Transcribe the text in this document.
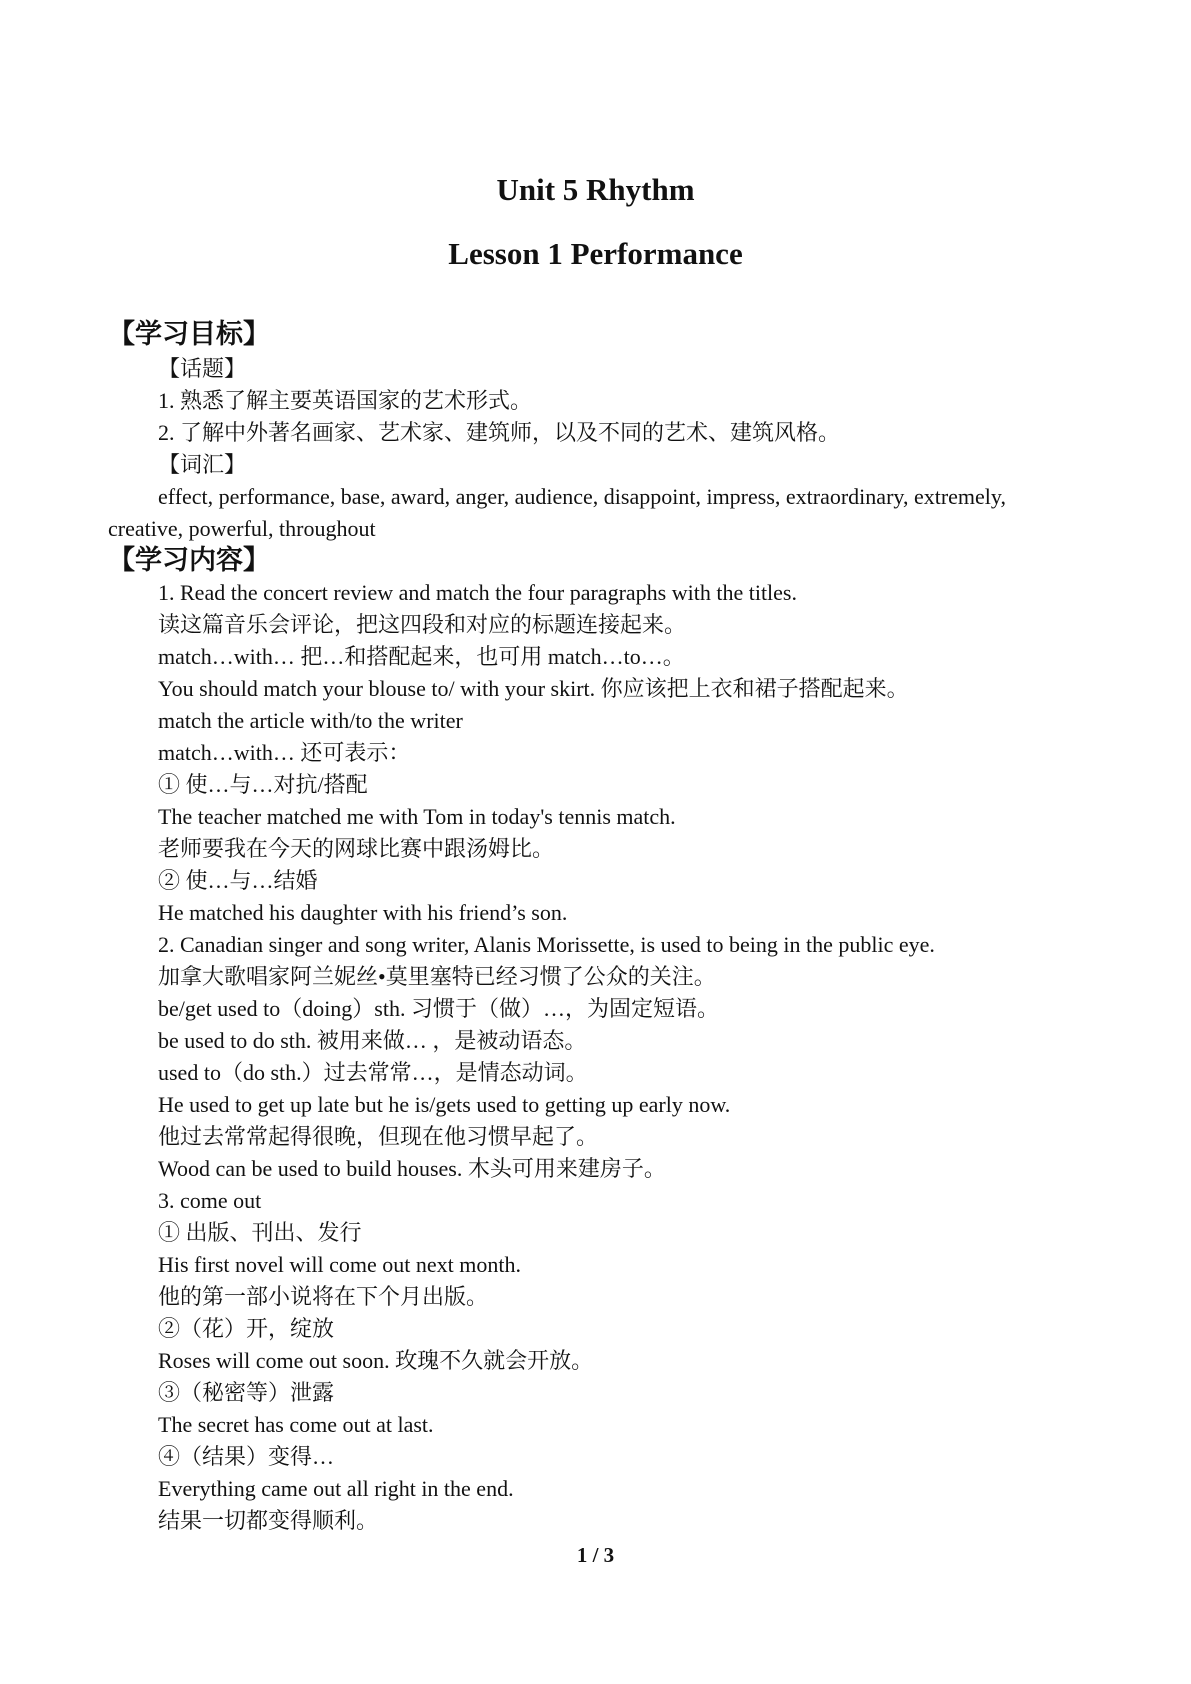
Unit 5 Rhythm
Lesson 1 Performance
【学习目标】
【话题】
1. 熟悉了解主要英语国家的艺术形式。
2. 了解中外著名画家、艺术家、建筑师，以及不同的艺术、建筑风格。
【词汇】
effect, performance, base, award, anger, audience, disappoint, impress, extraordinary, extremely,
creative, powerful, throughout
【学习内容】
1. Read the concert review and match the four paragraphs with the titles.
读这篇音乐会评论，把这四段和对应的标题连接起来。
match…with… 把…和搭配起来，也可用 match…to…。
You should match your blouse to/ with your skirt. 你应该把上衣和裙子搭配起来。
match the article with/to the writer
match…with… 还可表示：
① 使…与…对抗/搭配
The teacher matched me with Tom in today's tennis match.
老师要我在今天的网球比赛中跟汤姆比。
② 使…与…结婚
He matched his daughter with his friend’s son.
2. Canadian singer and song writer, Alanis Morissette, is used to being in the public eye.
加拿大歌唱家阿兰妮丝•莫里塞特已经习惯了公众的关注。
be/get used to（doing）sth. 习惯于（做）…，为固定短语。
be used to do sth. 被用来做… ，是被动语态。
used to（do sth.）过去常常…，是情态动词。
He used to get up late but he is/gets used to getting up early now.
他过去常常起得很晚，但现在他习惯早起了。
Wood can be used to build houses. 木头可用来建房子。
3. come out
① 出版、刊出、发行
His first novel will come out next month.
他的第一部小说将在下个月出版。
②（花）开，绽放
Roses will come out soon. 玫瑰不久就会开放。
③（秘密等）泄露
The secret has come out at last.
④（结果）变得…
Everything came out all right in the end.
结果一切都变得顺利。
1 / 3
